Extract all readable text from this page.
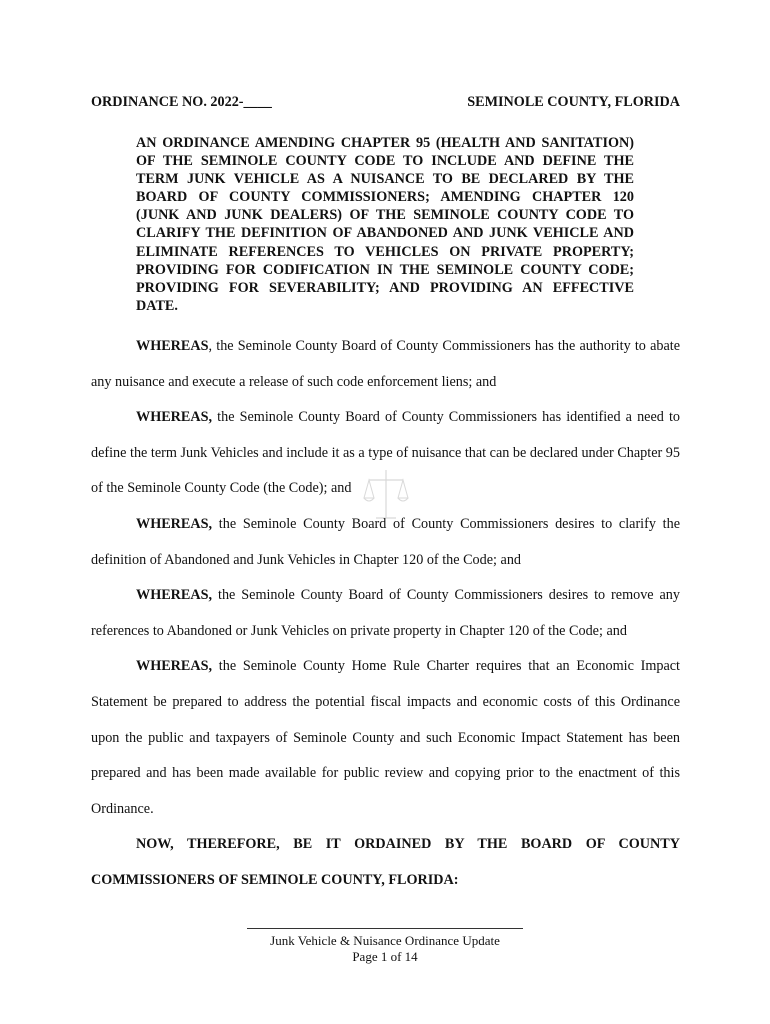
ORDINANCE NO. 2022-____	SEMINOLE COUNTY, FLORIDA
AN ORDINANCE AMENDING CHAPTER 95 (HEALTH AND SANITATION) OF THE SEMINOLE COUNTY CODE TO INCLUDE AND DEFINE THE TERM JUNK VEHICLE AS A NUISANCE TO BE DECLARED BY THE BOARD OF COUNTY COMMISSIONERS; AMENDING CHAPTER 120 (JUNK AND JUNK DEALERS) OF THE SEMINOLE COUNTY CODE TO CLARIFY THE DEFINITION OF ABANDONED AND JUNK VEHICLE AND ELIMINATE REFERENCES TO VEHICLES ON PRIVATE PROPERTY; PROVIDING FOR CODIFICATION IN THE SEMINOLE COUNTY CODE; PROVIDING FOR SEVERABILITY; AND PROVIDING AN EFFECTIVE DATE.

WHEREAS, the Seminole County Board of County Commissioners has the authority to abate any nuisance and execute a release of such code enforcement liens; and

WHEREAS, the Seminole County Board of County Commissioners has identified a need to define the term Junk Vehicles and include it as a type of nuisance that can be declared under Chapter 95 of the Seminole County Code (the Code); and

WHEREAS, the Seminole County Board of County Commissioners desires to clarify the definition of Abandoned and Junk Vehicles in Chapter 120 of the Code; and

WHEREAS, the Seminole County Board of County Commissioners desires to remove any references to Abandoned or Junk Vehicles on private property in Chapter 120 of the Code; and

WHEREAS, the Seminole County Home Rule Charter requires that an Economic Impact Statement be prepared to address the potential fiscal impacts and economic costs of this Ordinance upon the public and taxpayers of Seminole County and such Economic Impact Statement has been prepared and has been made available for public review and copying prior to the enactment of this Ordinance.

NOW, THEREFORE, BE IT ORDAINED BY THE BOARD OF COUNTY COMMISSIONERS OF SEMINOLE COUNTY, FLORIDA:

Junk Vehicle & Nuisance Ordinance Update
Page 1 of 14
